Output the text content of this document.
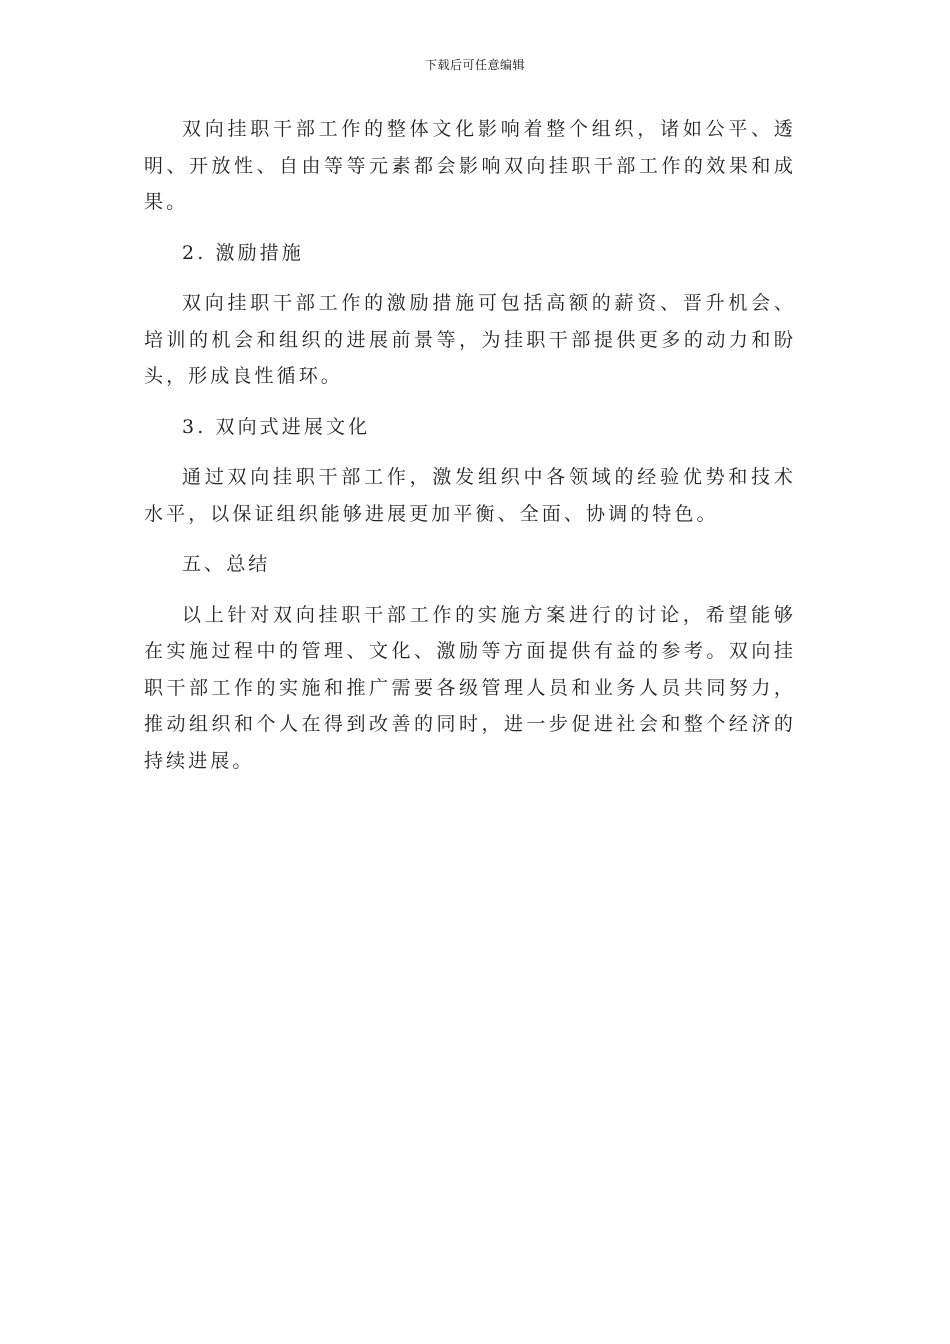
下载后可任意编辑

双向挂职干部工作的整体文化影响着整个组织，诸如公平、透明、开放性、自由等等元素都会影响双向挂职干部工作的效果和成果。

2. 激励措施

双向挂职干部工作的激励措施可包括高额的薪资、晋升机会、培训的机会和组织的进展前景等，为挂职干部提供更多的动力和盼头，形成良性循环。

3. 双向式进展文化

通过双向挂职干部工作，激发组织中各领域的经验优势和技术水平，以保证组织能够进展更加平衡、全面、协调的特色。

五、总结

以上针对双向挂职干部工作的实施方案进行的讨论，希望能够在实施过程中的管理、文化、激励等方面提供有益的参考。双向挂职干部工作的实施和推广需要各级管理人员和业务人员共同努力，推动组织和个人在得到改善的同时，进一步促进社会和整个经济的持续进展。
